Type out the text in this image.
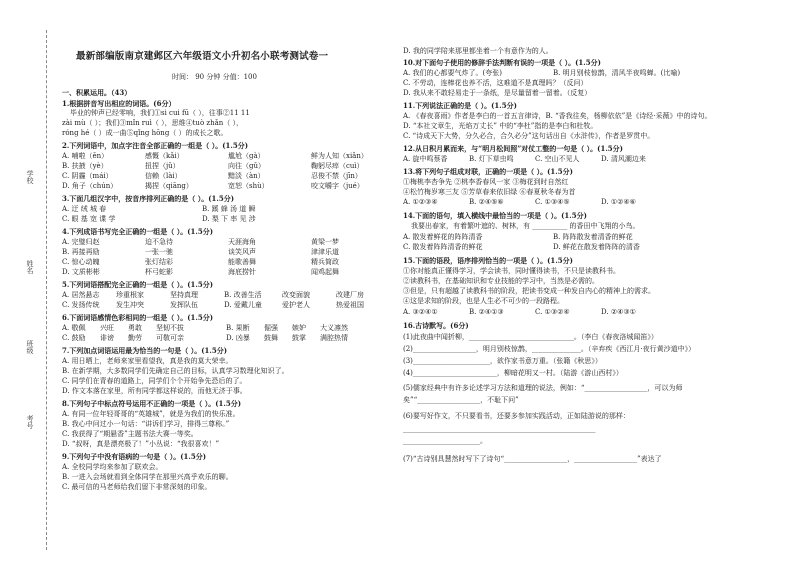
学校
姓名
班级
考号
最新部编版南京建邺区六年级语文小升初名小联考测试卷一
时间： 90 分钟 分值：100
一、积累运用。（43）
1.根据拼音写出相应的词语。(6分）
毕业的钟声已经零响，我们①si cui fū（ ），往事②11 11
zài mù（ ）；我们③mǐn ruì（ ），思维④tuò zhǎn（ ），
róng hé（ ）成一曲⑤qǐng hōng（ ）的成长之歌。
2.下列词语中，加点字注音全部正确的一组是（ ）。(1.5分)
A. 哺啦（ěn）	感慨（kǎi）	尴尬（gà）	鲜为人知（xiǎn）
B. 扶掖（yè）	扭捏（jǔ）	向往（gǔ）	鞠躬尽瘁（cuì）
C. 阴霾（mái）	信赖（lài）	黯淡（àn）	忍俊不禁（jīn）
D. 角子（chún）	揭捏（qiāng）	宽恕（shù）	咬文嚼字（jué）
3.下面几组汉字中，按音序排列正确的是（ ）。(1.5分)
A. 迂 绒 城 春	B. 蹊 蜂 汤 道 瞬
C. 眼 基 宽 谍 学	D. 梨 下 率 见 涉
4.下列成语书写完全正确的一组是（ ）。(1.5分)
A. 完璧归赵	迫不急待	天涯海角	黄梁一梦
B. 再接再励	一张一驰	谈笑风声	津津乐道
C. 惊心动魄	张灯结彩	能歌善舞	精兵简政
D. 文质彬彬	杯弓蛇影	海底捞针	闻鸡起舞
5.下列词语搭配完全正确的一组是（ ）。(1.5分)
A. 居然悬志 珍重根家	坚持真理	B. 改善生活	改变面貌	改建厂房
C. 发扬传统 发生冲突	发挥队伍	D. 爱戴儿童	爱护老人	热爱祖国
6.下面词语感情色彩相同的一组是（ ）。(1.5分)
A. 敬佩 兴旺 勇敢 坚韧不拔	B. 果断 倔强 嫉妒 大义凛然
C. 鼓励 诽谤 勤劳 可敬可亲	D. 凶暴 鼓舞 鼓掌 满腔热情
7.下列加点词语运用最为恰当的一句是（ ）。(1.5分)
A. 用日晒上，老师来家里看望我，真是我的莫大荣幸。
B. 在新学期，大多数同学们先确定自己的目标，认真学习数理化知识了。
C. 同学们在青春的道路上，同学们个个开始争先恐后的了。
D. 作文本落在家里，所有同学都这样说的，而他无济于事。
8.下列句子中标点符号运用不正确的一项是（ ）。(1.5分)
A. 有同一位年轻哥哥的“英雄城”，就是为我们的快乐准。
B. 我心中问过小一句话：“讲诉们学习，排得三尊称。”
C. 我获得了“期悬香”主题书法大赛一等奖。
D. “叔呀，真是漂亮极了！”小丛说：“我很喜欢！”
9.下列句子中没有语病的一句是（ ）。(1.5分)
A. 全校同学均来参加了联欢会。
B. 一进入会场就看到全体同学在那里兴高乎欢乐的聊。
C. 最可信的马老师给我们留下非常深刻的印象。
D. 我的同学陪来那里都坐着一个有意作为的人。
10.对下面句子使用的修辞手法判断有误的一项是（ ）。(1.5分)
A. 我们的心都要气炸了。(夸张)	B. 明月别枝惊鹊，清风半夜鸣蝉。(比喻)
C. 不劳动，连棒花也养不活，这难道不是真理吗？（反问）
D. 我从来不敢轻易走于一条纸，是尽量留着一留着。（反复）
11.下列说法正确的是（ ）。(1.5分)
A. 《春夜喜雨》作者是李白的一首五言律诗，B. “香我往矣，杨柳依依”是《诗经·采薇》中的诗句。
D. “本社文章生，光焰万丈长” 中的“李杜”指的是李白和杜牧。
C. “诗成天下大势，分久必合，合久必分”这句话出自《水浒传》，作者是罗贯中。
12.从日积月累而来，与“明月松间照”对仗工整的一句是（ ）。(1.5分)
A. 旋中鸣蔡香	B. 灯下草虫鸣	C. 空山不见人	D. 清风潮边来
13.将下列句子组成对联，正确的一项是（ ）。(1.5分)
①梅桃李杏争先 ②桃李香春风一家 ③梅花到时自然红
④松竹梅岁寒三友 ⑤芳草春来依旧绿 ⑥春夏秋冬春为首
A. ①②③④	B. ②④⑤⑥	C. ①③④⑤	D. ①②④⑥
14.下面的语句，填入横线中最恰当的一项是（ ）。(1.5分)
我要出春家，有着繁叶遮的、树林，有 __________ 的香田中飞翔的小鸟。
A. 散发着鲜花的阵阵清香	B. 阵阵散发着清香的鲜花
C. 散发着阵阵清香的鲜花	D. 鲜花在散发着阵阵的清香
15.下面的语段，语序排列恰当的一项是（ ）。(1.5分)
①你对能真正懂得学习，学会读书，同时懂得读书，不只是读教科书。
②读教科书，在基础知识和专业技能的学习中，当然是必需的。
③但是，只有超越了读教科书的阶段，把读书变成一种发自内心的精神上的需求。
④这是求知的阶段，也是人生必不可少的一段路程。
A. ③②④①	B. ②④①③	C. ①③②④	D. ②④③①
16.古诗默写。(6分)
(1)此夜曲中闻折柳，______________________________。（李白《春夜洛城闻笛》）
(2)__________________，明月别枝惊鹊，______________。（辛弃疾《西江月·夜行黄沙道中》）
(3)______________________，欲作家书意万重。（张籍《秋思》）
(4)________________________，柳暗花明又一村。（陆游《游山西村》）
(5)儒家经典中有许多论述学习方法和道理的说法，例如：“__________________，可以为师
矣”“__________________，不耻下问”
(6)要写好作文，不只要看书，还要多参加实践活动，正如陆游说的那样：
_______________________________________________________
______________________。
(7)“古诗别具慧然时写下了诗句“__________________，__________________”表达了
